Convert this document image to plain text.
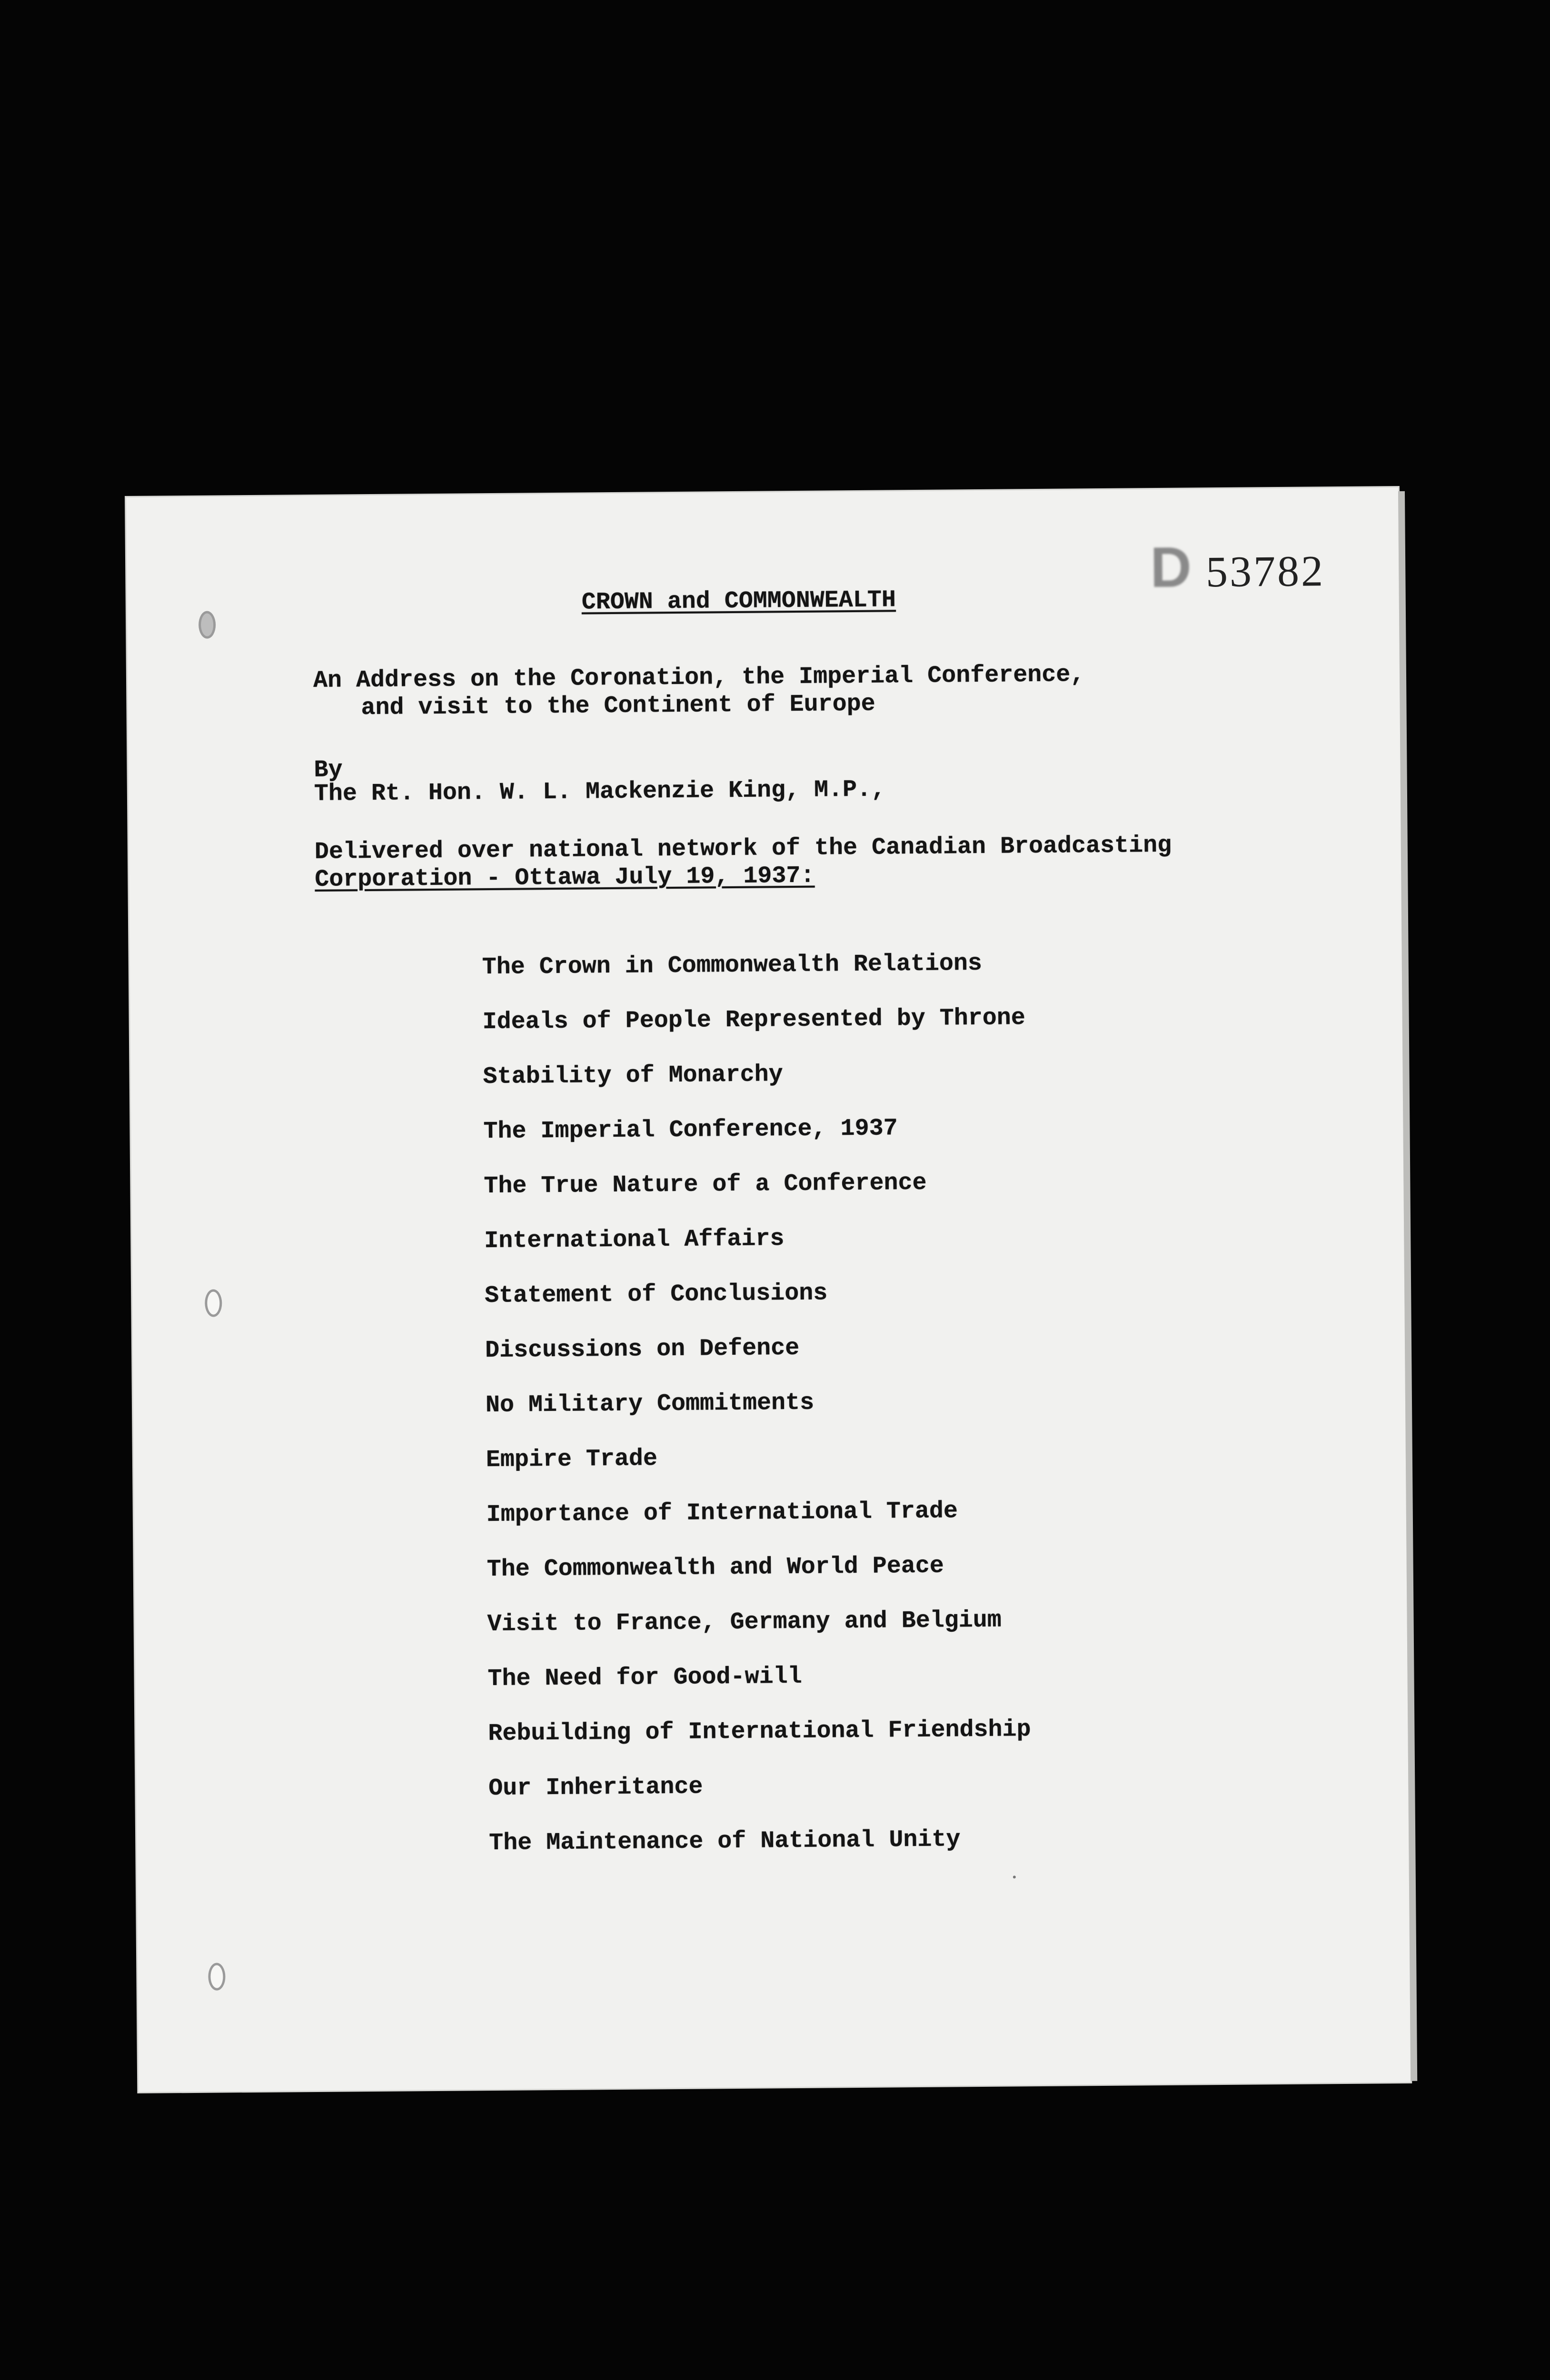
D 53782
CROWN and COMMONWEALTH
An Address on the Coronation, the Imperial Conference,
and visit to the Continent of Europe
By
The Rt. Hon. W. L. Mackenzie King, M.P.,
Delivered over national network of the Canadian Broadcasting
Corporation - Ottawa July 19, 1937:
The Crown in Commonwealth Relations
Ideals of People Represented by Throne
Stability of Monarchy
The Imperial Conference, 1937
The True Nature of a Conference
International Affairs
Statement of Conclusions
Discussions on Defence
No Military Commitments
Empire Trade
Importance of International Trade
The Commonwealth and World Peace
Visit to France, Germany and Belgium
The Need for Good-will
Rebuilding of International Friendship
Our Inheritance
The Maintenance of National Unity
